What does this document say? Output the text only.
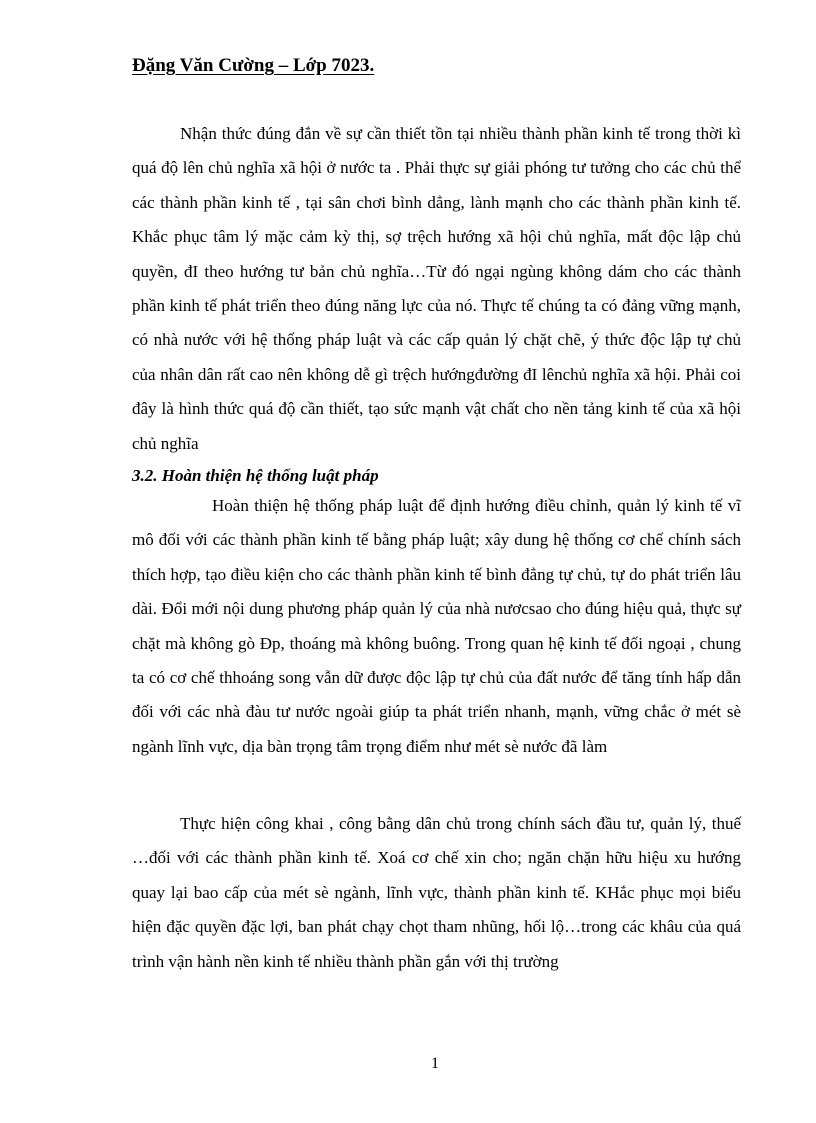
Đặng Văn Cường – Lớp 7023.

Nhận thức đúng đắn về sự cần thiết tồn tại nhiều thành phần kinh tế trong thời kì quá độ lên chủ nghĩa xã hội ở nước ta . Phải thực sự giải phóng tư tưởng cho các chủ thể các thành phần kinh tế , tại sân chơi bình dẳng, lành mạnh cho các thành phần kinh tế. Khắc phục tâm lý mặc cảm kỳ thị, sợ trệch hướng xã hội chủ nghĩa, mất độc lập chủ quyền, đI theo hướng tư bản chủ nghĩa…Từ đó ngại ngùng không dám cho các thành phần kinh tế phát triển theo đúng năng lực của nó. Thực tế chúng ta có đảng vững mạnh, có nhà nước với hệ thống pháp luật và các cấp quản lý chặt chẽ, ý thức độc lập tự chủ của nhân dân rất cao nên không dễ gì trệch hướngđường đI lênchủ nghĩa xã hội. Phải coi đây là hình thức quá độ cần thiết, tạo sức mạnh vật chất cho nền tảng kinh tế của xã hội chủ nghĩa

3.2. Hoàn thiện hệ thống luật pháp

Hoàn thiện hệ thống pháp luật để định hướng điều chỉnh, quản lý kinh tế vĩ mô đối với các thành phần kinh tế bằng pháp luật; xây dung hệ thống cơ chế chính sách thích hợp, tạo điều kiện cho các thành phần kinh tế bình đẳng tự chủ, tự do phát triển lâu dài. Đổi mới nội dung phương pháp quản lý của nhà nươcsao cho đúng hiệu quả, thực sự chặt mà không gò Đp, thoáng mà không buông. Trong quan hệ kinh tế đối ngoại , chung ta có cơ chế thhoáng song vẫn dữ được độc lập tự chủ của đất nước để tăng tính hấp dẫn đối với các nhà đàu tư nước ngoài giúp ta phát triển nhanh, mạnh, vững chắc ở mét sè ngành lĩnh vực, dịa bàn trọng tâm trọng điểm như mét sè nước đã làm

Thực hiện công khai , công bằng dân chủ trong chính sách đầu tư, quản lý, thuế …đối với các thành phần kinh tế. Xoá cơ chế xin cho; ngăn chặn hữu hiệu xu hướng quay lại bao cấp của mét sè ngành, lĩnh vực, thành phần kinh tế. KHắc phục mọi biểu hiện đặc quyền đặc lợi, ban phát chạy chọt tham nhũng, hối lộ…trong các khâu của quá trình vận hành nền kinh tế nhiều thành phần gắn với thị trường

1
